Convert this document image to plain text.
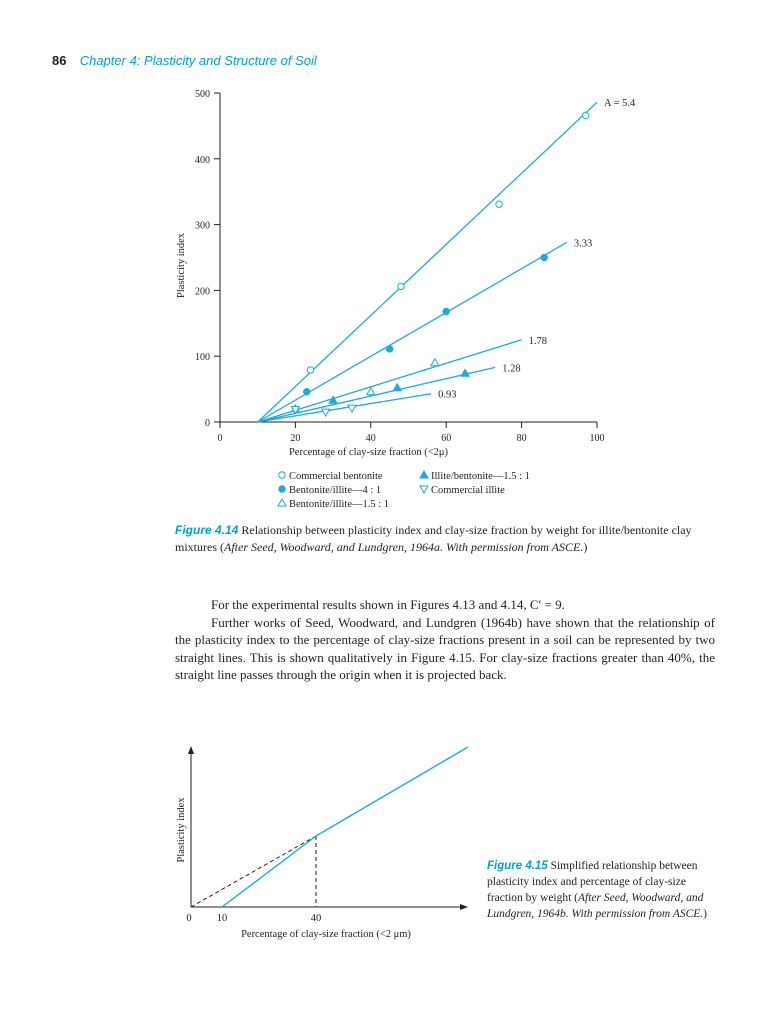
86 Chapter 4: Plasticity and Structure of Soil
0
100
200
300
400
500
0	20	40	60	80	100
Percentage of clay-size fraction (<2μ)
Plasticity index
A = 5.4
3.33
1.78
1.28
0.93
Commercial bentonite
Bentonite/illite—4 : 1
Bentonite/illite—1.5 : 1
Illite/bentonite—1.5 : 1
Commercial illite
Figure 4.14 Relationship between plasticity index and clay-size fraction by weight for illite/bentonite clay mixtures (After Seed, Woodward, and Lundgren, 1964a. With permission from ASCE.)

For the experimental results shown in Figures 4.13 and 4.14, C′ = 9.

Further works of Seed, Woodward, and Lundgren (1964b) have shown that the relationship of the plasticity index to the percentage of clay-size fractions present in a soil can be represented by two straight lines. This is shown qualitatively in Figure 4.15. For clay-size fractions greater than 40%, the straight line passes through the origin when it is projected back.

0 10	40
Percentage of clay-size fraction (<2 μm)
Plasticity index
Figure 4.15 Simplified relationship between plasticity index and percentage of clay-size fraction by weight (After Seed, Woodward, and Lundgren, 1964b. With permission from ASCE.)
